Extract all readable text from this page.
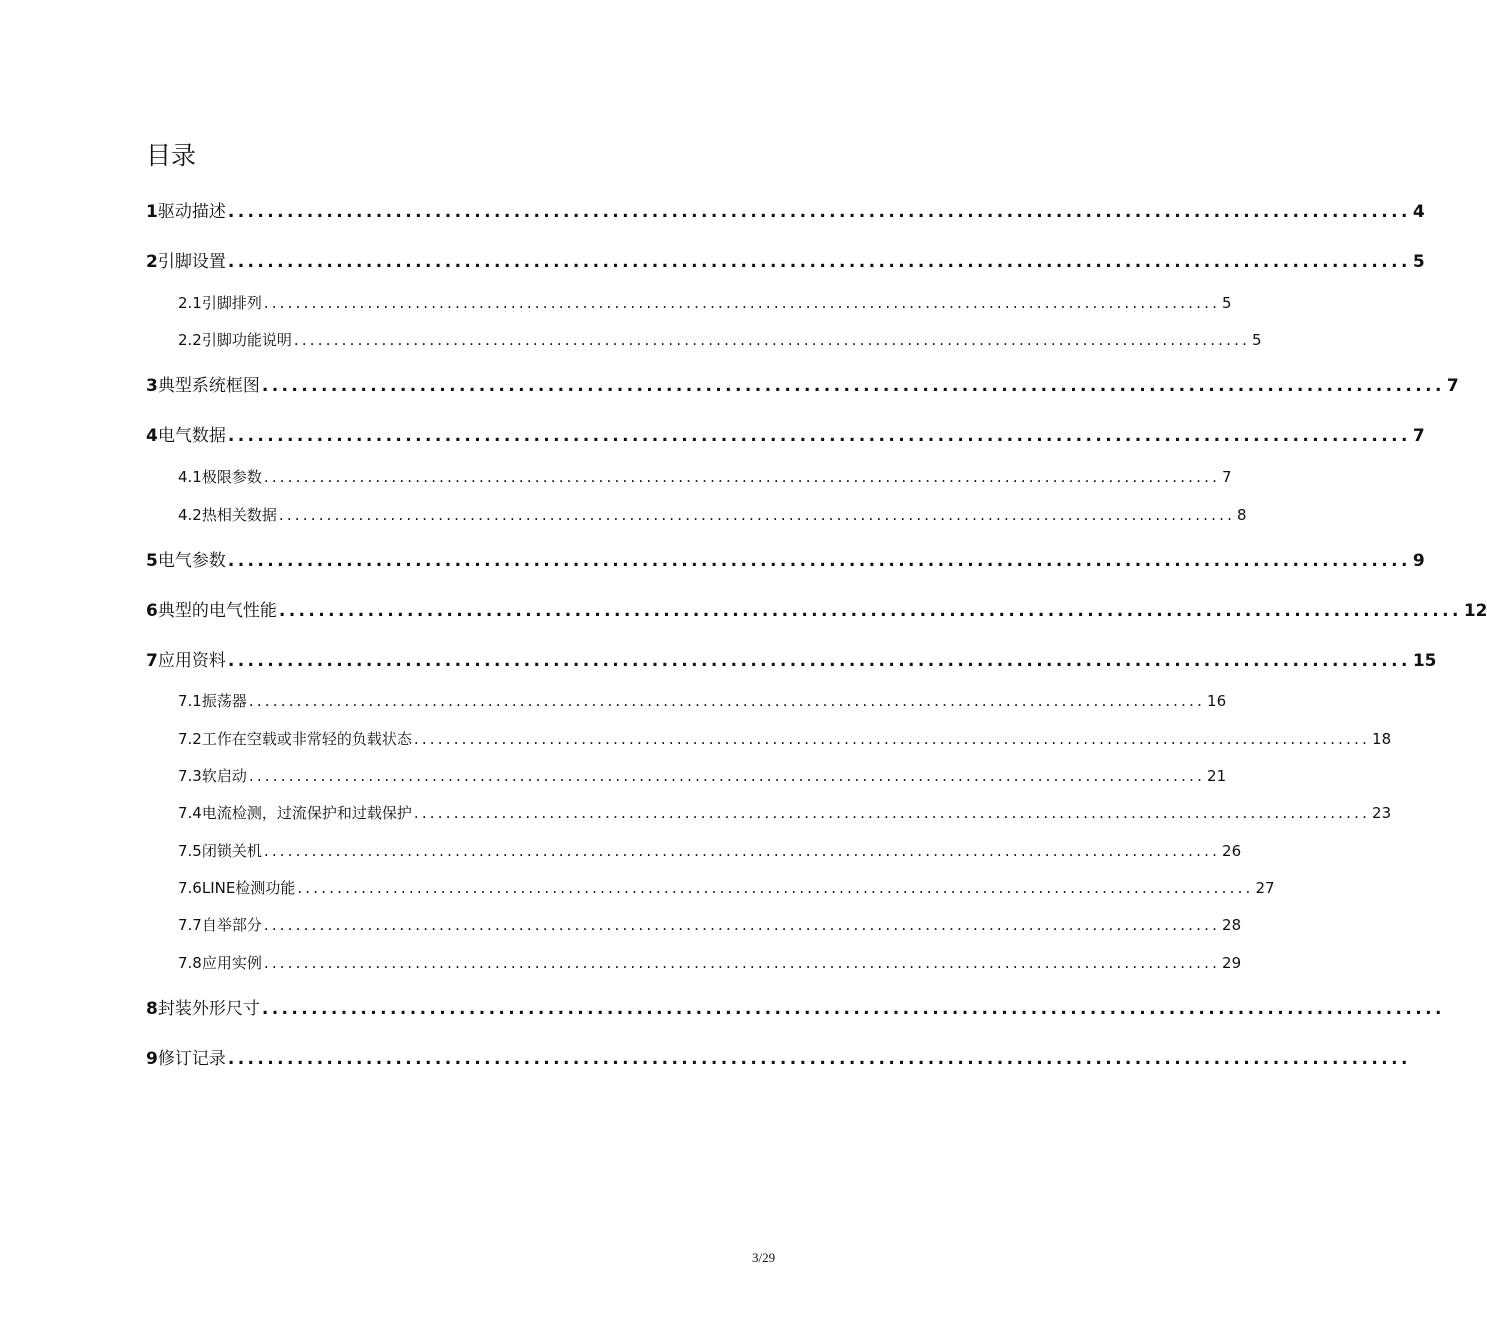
目录
1 驱动描述 ........................................................................................................................ 4
2 引脚设置 ........................................................................................................................ 5
2.1 引脚排列 ........................................................................................................................ 5
2.2 引脚功能说明 ........................................................................................................................ 5
3 典型系统框图 ........................................................................................................................ 7
4 电气数据 ........................................................................................................................ 7
4.1 极限参数 ........................................................................................................................ 7
4.2 热相关数据 ........................................................................................................................ 8
5 电气参数 ........................................................................................................................ 9
6 典型的电气性能 ........................................................................................................................ 12
7 应用资料 ........................................................................................................................ 15
7.1 振荡器 ........................................................................................................................ 16
7.2 工作在空载或非常轻的负载状态 ........................................................................................................................ 18
7.3 软启动 ........................................................................................................................ 21
7.4 电流检测，过流保护和过载保护 ........................................................................................................................ 23
7.5 闭锁关机 ........................................................................................................................ 26
7.6 LINE检测功能 ........................................................................................................................ 27
7.7 自举部分 ........................................................................................................................ 28
7.8 应用实例 ........................................................................................................................ 29
8 封装外形尺寸 ........................................................................................................................
9 修订记录 ........................................................................................................................
3/29
